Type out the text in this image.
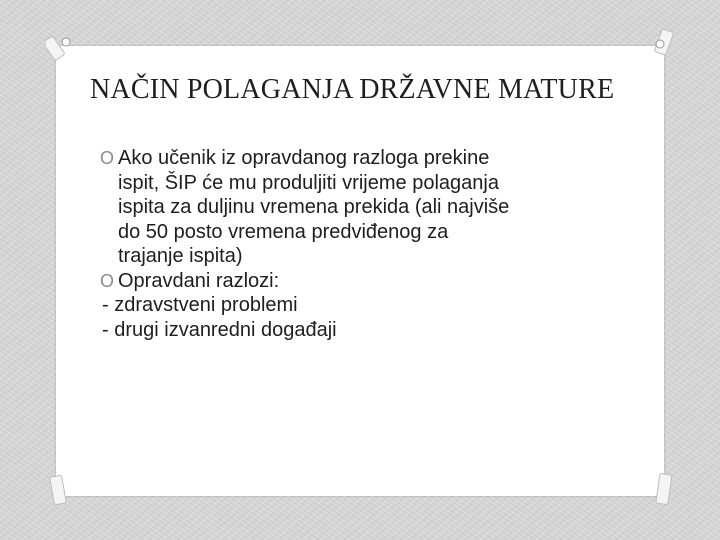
NAČIN POLAGANJA DRŽAVNE MATURE
O Ako učenik iz opravdanog razloga prekine
ispit, ŠIP će mu produljiti vrijeme polaganja
ispita za duljinu vremena prekida (ali najviše
do 50 posto vremena predviđenog za
trajanje ispita)
O Opravdani razlozi:
- zdravstveni problemi
- drugi izvanredni događaji
